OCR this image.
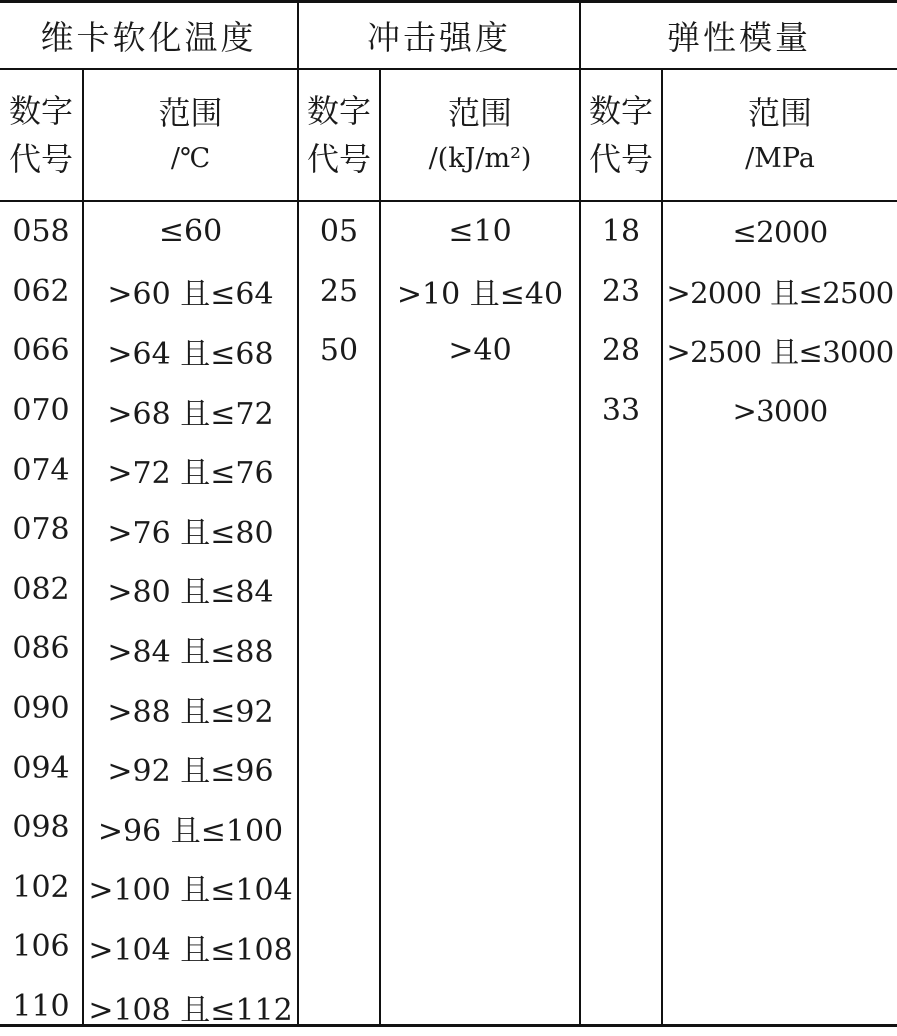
维卡软化温度	冲击强度	弹性模量
数字
代号
数字
代号
数字
代号
范围
/℃
范围
/(kJ/m²)
范围
/MPa
058
062
066
070
074
078
082
086
090
094
098
102
106
110
≤60
>60 且≤64
>64 且≤68
>68 且≤72
>72 且≤76
>76 且≤80
>80 且≤84
>84 且≤88
>88 且≤92
>92 且≤96
>96 且≤100
>100 且≤104
>104 且≤108
>108 且≤112
05
25
50
≤10
>10 且≤40
>40
18
23
28
33
≤2000
>2000 且≤2500
>2500 且≤3000
>3000
